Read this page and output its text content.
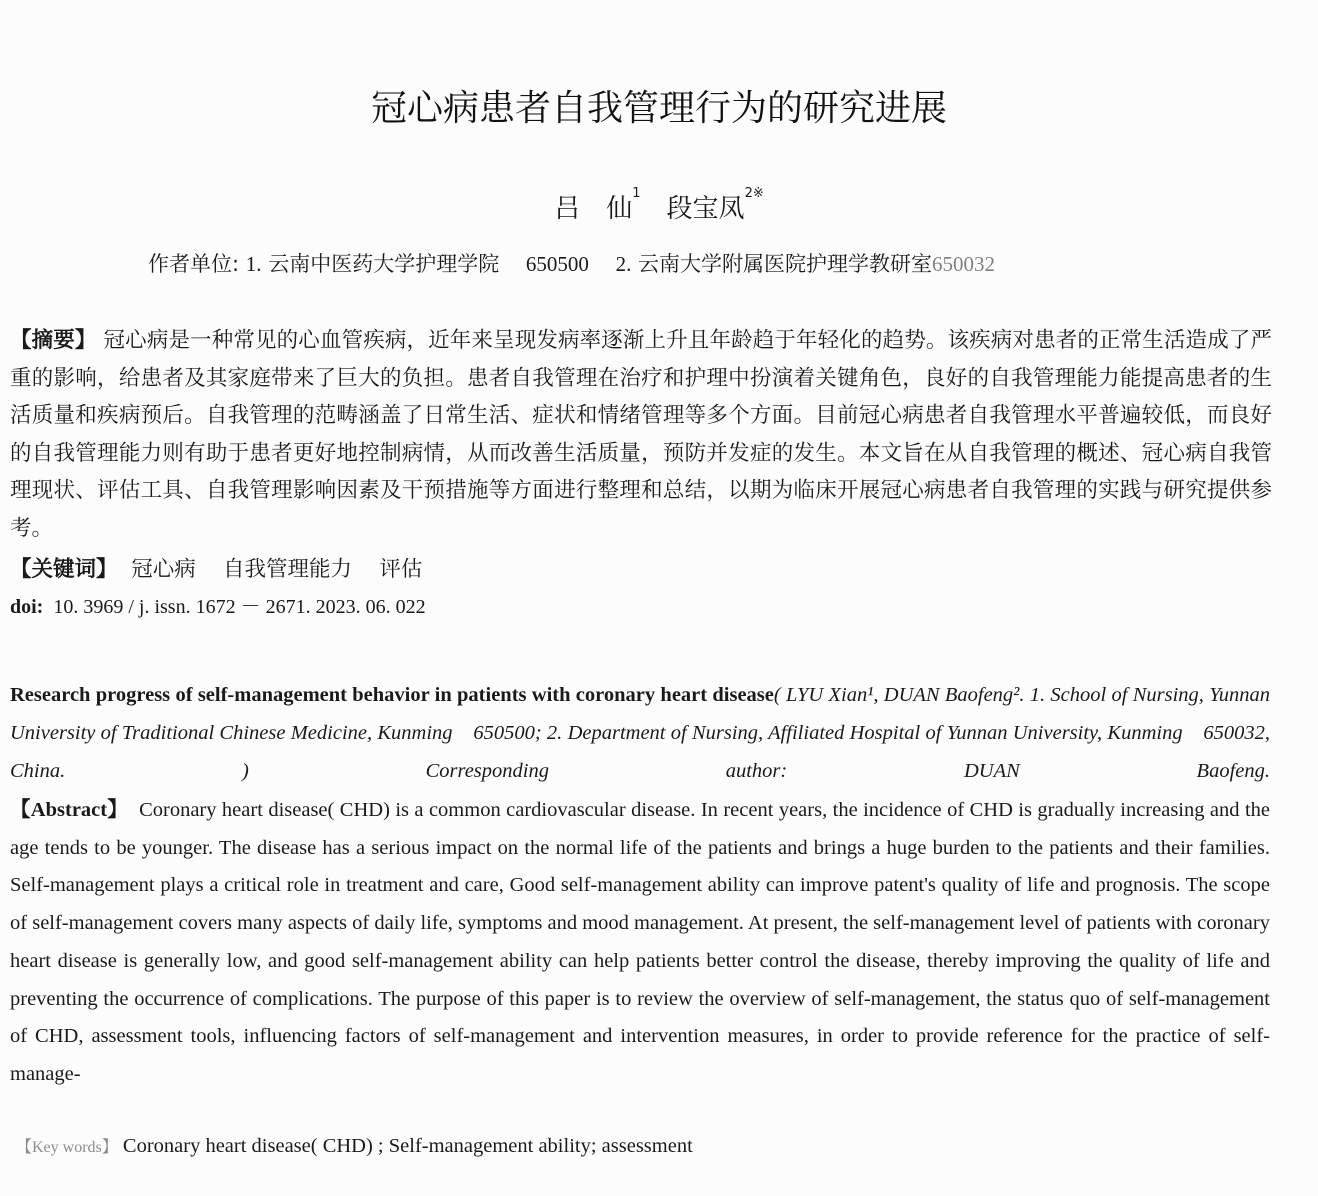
冠心病患者自我管理行为的研究进展
吕　仙$^1$段宝凤$^{2※}$
作者单位: 1. 云南中医药大学护理学院 650500 2. 云南大学附属医院护理学教研室650032
【摘要】 冠心病是一种常见的心血管疾病，近年来呈现发病率逐渐上升且年龄趋于年轻化的趋势。该疾病对患者的正常生活造成了严重的影响，给患者及其家庭带来了巨大的负担。患者自我管理在治疗和护理中扮演着关键角色，良好的自我管理能力能提高患者的生活质量和疾病预后。自我管理的范畴涵盖了日常生活、症状和情绪管理等多个方面。目前冠心病患者自我管理水平普遍较低，而良好的自我管理能力则有助于患者更好地控制病情，从而改善生活质量，预防并发症的发生。本文旨在从自我管理的概述、冠心病自我管理现状、评估工具、自我管理影响因素及干预措施等方面进行整理和总结，以期为临床开展冠心病患者自我管理的实践与研究提供参考。
【关键词】 冠心病 自我管理能力 评估
doi: 10. 3969 / j. issn. 1672 － 2671. 2023. 06. 022
Research progress of self-management behavior in patients with coronary heart disease( LYU Xian¹, DUAN Baofeng². 1. School of Nursing, Yunnan University of Traditional Chinese Medicine, Kunming　650500; 2. Department of Nursing, Affiliated Hospital of Yunnan University, Kunming　650032, China. ) Corresponding author: DUAN Baofeng.
【Abstract】 Coronary heart disease( CHD) is a common cardiovascular disease. In recent years, the incidence of CHD is gradually increasing and the age tends to be younger. The disease has a serious impact on the normal life of the patients and brings a huge burden to the patients and their families. Self-management plays a critical role in treatment and care, Good self-management ability can improve patent's quality of life and prognosis. The scope of self-management covers many aspects of daily life, symptoms and mood management. At present, the self-management level of patients with coronary heart disease is generally low, and good self-management ability can help patients better control the disease, thereby improving the quality of life and preventing the occurrence of complications. The purpose of this paper is to review the overview of self-management, the status quo of self-management of CHD, assessment tools, influencing factors of self-management and intervention measures, in order to provide reference for the practice of self-manage-
【Key words】 Coronary heart disease( CHD) ; Self-management ability; assessment
